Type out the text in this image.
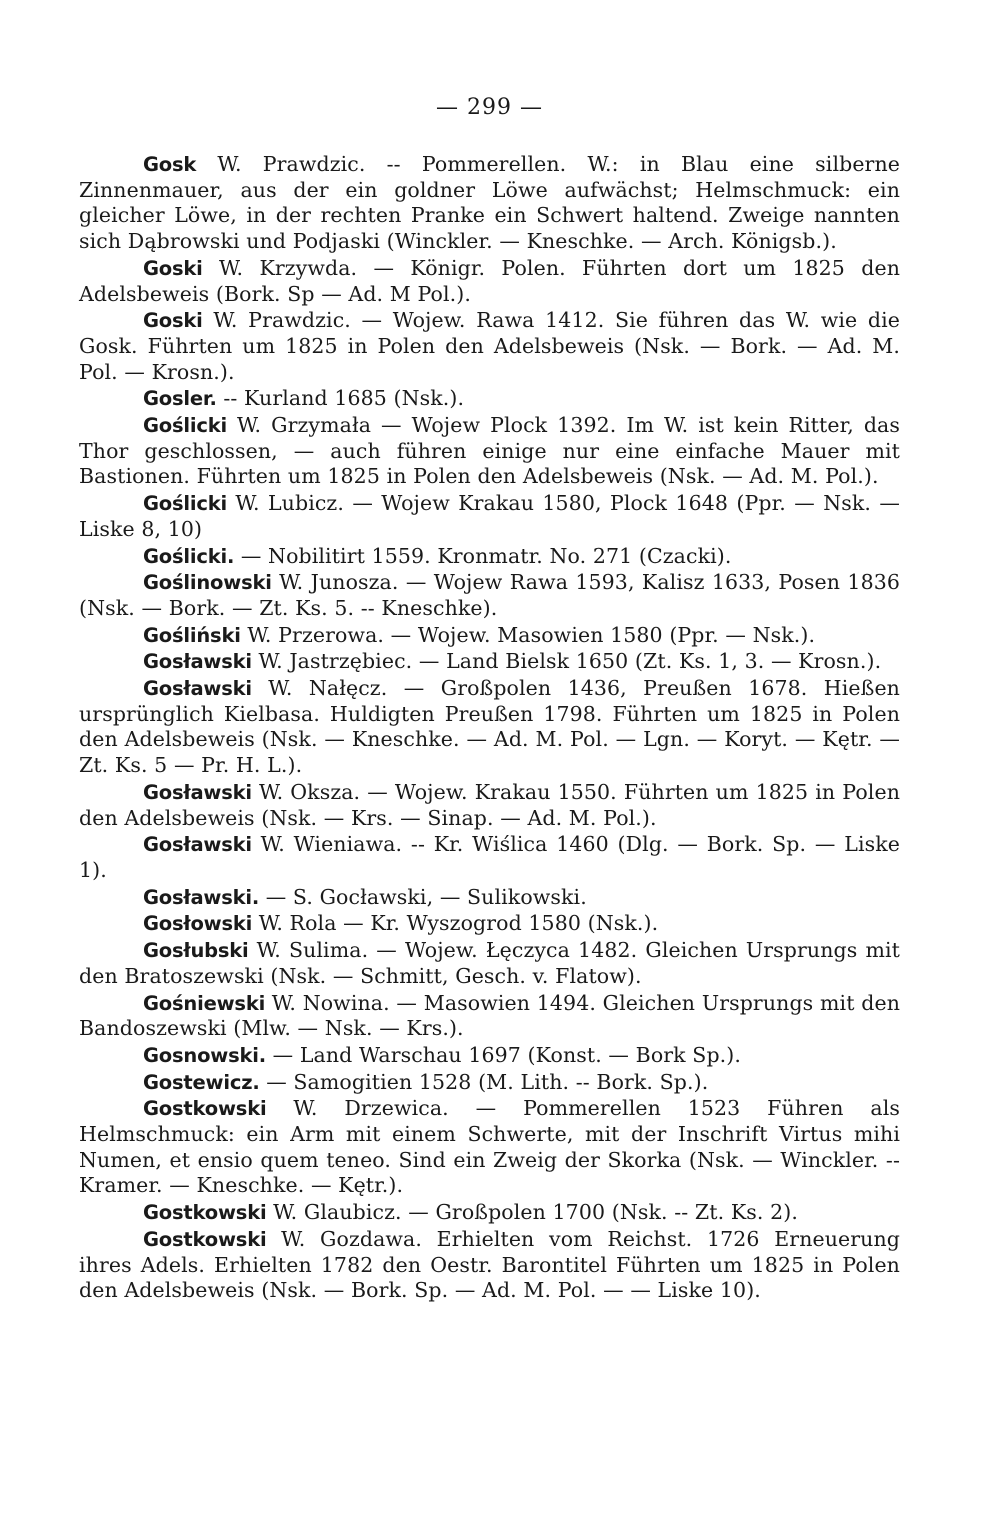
— 299 —

Gosk W. Prawdzic. -- Pommerellen. W.: in Blau eine silberne Zinnenmauer, aus der ein goldner Löwe aufwächst; Helmschmuck: ein gleicher Löwe, in der rechten Pranke ein Schwert haltend. Zweige nannten sich Dąbrowski und Podjaski (Winckler. — Kneschke. — Arch. Königsb.).

Goski W. Krzywda. — Königr. Polen. Führten dort um 1825 den Adelsbeweis (Bork. Sp — Ad. M Pol.).

Goski W. Prawdzic. — Wojew. Rawa 1412. Sie führen das W. wie die Gosk. Führten um 1825 in Polen den Adelsbeweis (Nsk. — Bork. — Ad. M. Pol. — Krosn.).

Gosler. -- Kurland 1685 (Nsk.).

Goślicki W. Grzymała — Wojew Plock 1392. Im W. ist kein Ritter, das Thor geschlossen, — auch führen einige nur eine einfache Mauer mit Bastionen. Führten um 1825 in Polen den Adelsbeweis (Nsk. — Ad. M. Pol.).

Goślicki W. Lubicz. — Wojew Krakau 1580, Plock 1648 (Ppr. — Nsk. — Liske 8, 10)

Goślicki. — Nobilitirt 1559. Kronmatr. No. 271 (Czacki).

Goślinowski W. Junosza. — Wojew Rawa 1593, Kalisz 1633, Posen 1836 (Nsk. — Bork. — Zt. Ks. 5. -- Kneschke).

Gośliński W. Przerowa. — Wojew. Masowien 1580 (Ppr. — Nsk.).

Gosławski W. Jastrzębiec. — Land Bielsk 1650 (Zt. Ks. 1, 3. — Krosn.).

Gosławski W. Nałęcz. — Großpolen 1436, Preußen 1678. Hießen ursprünglich Kielbasa. Huldigten Preußen 1798. Führten um 1825 in Polen den Adelsbeweis (Nsk. — Kneschke. — Ad. M. Pol. — Lgn. — Koryt. — Kętr. — Zt. Ks. 5 — Pr. H. L.).

Gosławski W. Oksza. — Wojew. Krakau 1550. Führten um 1825 in Polen den Adelsbeweis (Nsk. — Krs. — Sinap. — Ad. M. Pol.).

Gosławski W. Wieniawa. -- Kr. Wiślica 1460 (Dlg. — Bork. Sp. — Liske 1).

Gosławski. — S. Gocławski, — Sulikowski.

Gosłowski W. Rola — Kr. Wyszogrod 1580 (Nsk.).

Gosłubski W. Sulima. — Wojew. Łęczyca 1482. Gleichen Ursprungs mit den Bratoszewski (Nsk. — Schmitt, Gesch. v. Flatow).

Gośniewski W. Nowina. — Masowien 1494. Gleichen Ursprungs mit den Bandoszewski (Mlw. — Nsk. — Krs.).

Gosnowski. — Land Warschau 1697 (Konst. — Bork Sp.).

Gostewicz. — Samogitien 1528 (M. Lith. -- Bork. Sp.).

Gostkowski W. Drzewica. — Pommerellen 1523 Führen als Helmschmuck: ein Arm mit einem Schwerte, mit der Inschrift Virtus mihi Numen, et ensio quem teneo. Sind ein Zweig der Skorka (Nsk. — Winckler. -- Kramer. — Kneschke. — Kętr.).

Gostkowski W. Glaubicz. — Großpolen 1700 (Nsk. -- Zt. Ks. 2).

Gostkowski W. Gozdawa. Erhielten vom Reichst. 1726 Erneuerung ihres Adels. Erhielten 1782 den Oestr. Barontitel Führten um 1825 in Polen den Adelsbeweis (Nsk. — Bork. Sp. — Ad. M. Pol. — — Liske 10).
